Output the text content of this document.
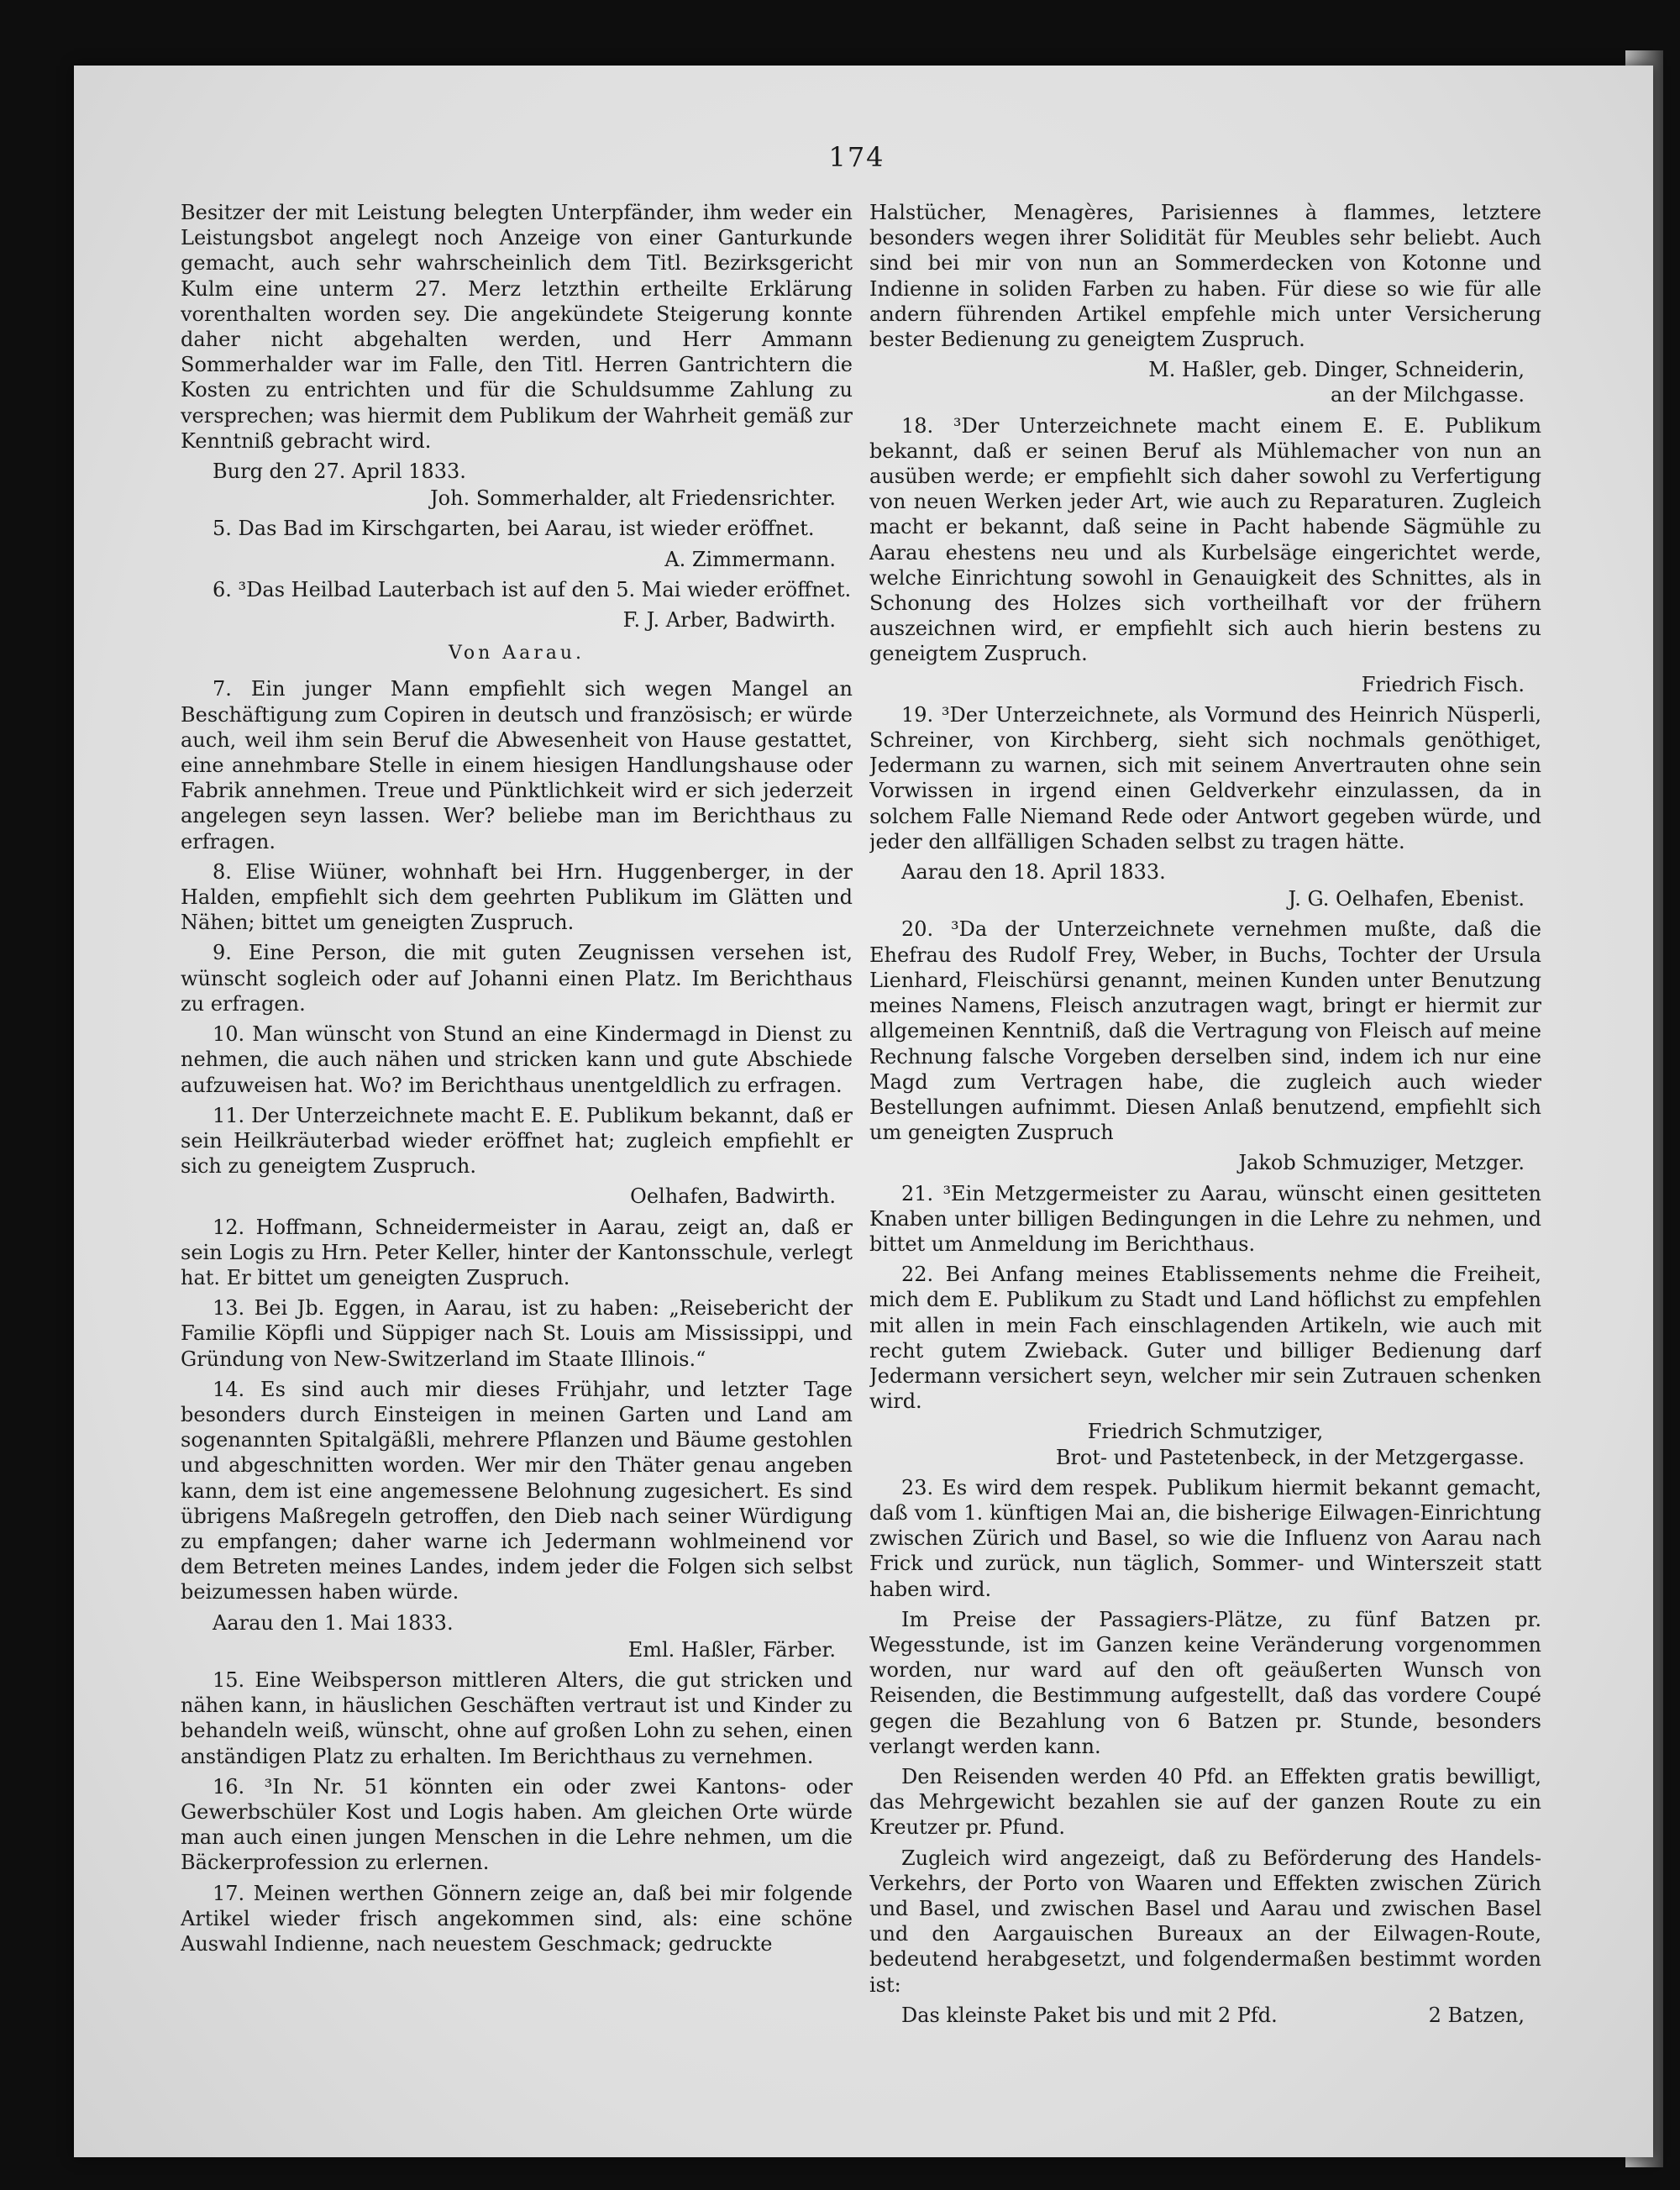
174

Besitzer der mit Leistung belegten Unterpfänder, ihm weder ein Leistungsbot angelegt noch Anzeige von einer Ganturkunde gemacht, auch sehr wahrscheinlich dem Titl. Bezirksgericht Kulm eine unterm 27. Merz letzthin ertheilte Erklärung vorenthalten worden sey. Die angekündete Steigerung konnte daher nicht abgehalten werden, und Herr Ammann Sommerhalder war im Falle, den Titl. Herren Gantrichtern die Kosten zu entrichten und für die Schuldsumme Zahlung zu versprechen; was hiermit dem Publikum der Wahrheit gemäß zur Kenntniß gebracht wird.

Burg den 27. April 1833.

Joh. Sommerhalder, alt Friedensrichter.

5. Das Bad im Kirschgarten, bei Aarau, ist wieder eröffnet.

A. Zimmermann.

6. ³Das Heilbad Lauterbach ist auf den 5. Mai wieder eröffnet.

F. J. Arber, Badwirth.

Von Aarau.

7. Ein junger Mann empfiehlt sich wegen Mangel an Beschäftigung zum Copiren in deutsch und französisch; er würde auch, weil ihm sein Beruf die Abwesenheit von Hause gestattet, eine annehmbare Stelle in einem hiesigen Handlungshause oder Fabrik annehmen. Treue und Pünktlichkeit wird er sich jederzeit angelegen seyn lassen. Wer? beliebe man im Berichthaus zu erfragen.

8. Elise Wiüner, wohnhaft bei Hrn. Huggenberger, in der Halden, empfiehlt sich dem geehrten Publikum im Glätten und Nähen; bittet um geneigten Zuspruch.

9. Eine Person, die mit guten Zeugnissen versehen ist, wünscht sogleich oder auf Johanni einen Platz. Im Berichthaus zu erfragen.

10. Man wünscht von Stund an eine Kindermagd in Dienst zu nehmen, die auch nähen und stricken kann und gute Abschiede aufzuweisen hat. Wo? im Berichthaus unentgeldlich zu erfragen.

11. Der Unterzeichnete macht E. E. Publikum bekannt, daß er sein Heilkräuterbad wieder eröffnet hat; zugleich empfiehlt er sich zu geneigtem Zuspruch.

Oelhafen, Badwirth.

12. Hoffmann, Schneidermeister in Aarau, zeigt an, daß er sein Logis zu Hrn. Peter Keller, hinter der Kantonsschule, verlegt hat. Er bittet um geneigten Zuspruch.

13. Bei Jb. Eggen, in Aarau, ist zu haben: „Reisebericht der Familie Köpfli und Süppiger nach St. Louis am Mississippi, und Gründung von New-Switzerland im Staate Illinois.“

14. Es sind auch mir dieses Frühjahr, und letzter Tage besonders durch Einsteigen in meinen Garten und Land am sogenannten Spitalgäßli, mehrere Pflanzen und Bäume gestohlen und abgeschnitten worden. Wer mir den Thäter genau angeben kann, dem ist eine angemessene Belohnung zugesichert. Es sind übrigens Maßregeln getroffen, den Dieb nach seiner Würdigung zu empfangen; daher warne ich Jedermann wohlmeinend vor dem Betreten meines Landes, indem jeder die Folgen sich selbst beizumessen haben würde.

Aarau den 1. Mai 1833.

Eml. Haßler, Färber.

15. Eine Weibsperson mittleren Alters, die gut stricken und nähen kann, in häuslichen Geschäften vertraut ist und Kinder zu behandeln weiß, wünscht, ohne auf großen Lohn zu sehen, einen anständigen Platz zu erhalten. Im Berichthaus zu vernehmen.

16. ³In Nr. 51 könnten ein oder zwei Kantons- oder Gewerbschüler Kost und Logis haben. Am gleichen Orte würde man auch einen jungen Menschen in die Lehre nehmen, um die Bäckerprofession zu erlernen.

17. Meinen werthen Gönnern zeige an, daß bei mir folgende Artikel wieder frisch angekommen sind, als: eine schöne Auswahl Indienne, nach neuestem Geschmack; gedruckte

Halstücher, Menagères, Parisiennes à flammes, letztere besonders wegen ihrer Solidität für Meubles sehr beliebt. Auch sind bei mir von nun an Sommerdecken von Kotonne und Indienne in soliden Farben zu haben. Für diese so wie für alle andern führenden Artikel empfehle mich unter Versicherung bester Bedienung zu geneigtem Zuspruch.

M. Haßler, geb. Dinger, Schneiderin,

an der Milchgasse.

18. ³Der Unterzeichnete macht einem E. E. Publikum bekannt, daß er seinen Beruf als Mühlemacher von nun an ausüben werde; er empfiehlt sich daher sowohl zu Verfertigung von neuen Werken jeder Art, wie auch zu Reparaturen. Zugleich macht er bekannt, daß seine in Pacht habende Sägmühle zu Aarau ehestens neu und als Kurbelsäge eingerichtet werde, welche Einrichtung sowohl in Genauigkeit des Schnittes, als in Schonung des Holzes sich vortheilhaft vor der frühern auszeichnen wird, er empfiehlt sich auch hierin bestens zu geneigtem Zuspruch.

Friedrich Fisch.

19. ³Der Unterzeichnete, als Vormund des Heinrich Nüsperli, Schreiner, von Kirchberg, sieht sich nochmals genöthiget, Jedermann zu warnen, sich mit seinem Anvertrauten ohne sein Vorwissen in irgend einen Geldverkehr einzulassen, da in solchem Falle Niemand Rede oder Antwort gegeben würde, und jeder den allfälligen Schaden selbst zu tragen hätte.

Aarau den 18. April 1833.

J. G. Oelhafen, Ebenist.

20. ³Da der Unterzeichnete vernehmen mußte, daß die Ehefrau des Rudolf Frey, Weber, in Buchs, Tochter der Ursula Lienhard, Fleischürsi genannt, meinen Kunden unter Benutzung meines Namens, Fleisch anzutragen wagt, bringt er hiermit zur allgemeinen Kenntniß, daß die Vertragung von Fleisch auf meine Rechnung falsche Vorgeben derselben sind, indem ich nur eine Magd zum Vertragen habe, die zugleich auch wieder Bestellungen aufnimmt. Diesen Anlaß benutzend, empfiehlt sich um geneigten Zuspruch

Jakob Schmuziger, Metzger.

21. ³Ein Metzgermeister zu Aarau, wünscht einen gesitteten Knaben unter billigen Bedingungen in die Lehre zu nehmen, und bittet um Anmeldung im Berichthaus.

22. Bei Anfang meines Etablissements nehme die Freiheit, mich dem E. Publikum zu Stadt und Land höflichst zu empfehlen mit allen in mein Fach einschlagenden Artikeln, wie auch mit recht gutem Zwieback. Guter und billiger Bedienung darf Jedermann versichert seyn, welcher mir sein Zutrauen schenken wird.

Friedrich Schmutziger,

Brot- und Pastetenbeck, in der Metzgergasse.

23. Es wird dem respek. Publikum hiermit bekannt gemacht, daß vom 1. künftigen Mai an, die bisherige Eilwagen-Einrichtung zwischen Zürich und Basel, so wie die Influenz von Aarau nach Frick und zurück, nun täglich, Sommer- und Winterszeit statt haben wird.

Im Preise der Passagiers-Plätze, zu fünf Batzen pr. Wegesstunde, ist im Ganzen keine Veränderung vorgenommen worden, nur ward auf den oft geäußerten Wunsch von Reisenden, die Bestimmung aufgestellt, daß das vordere Coupé gegen die Bezahlung von 6 Batzen pr. Stunde, besonders verlangt werden kann.

Den Reisenden werden 40 Pfd. an Effekten gratis bewilligt, das Mehrgewicht bezahlen sie auf der ganzen Route zu ein Kreutzer pr. Pfund.

Zugleich wird angezeigt, daß zu Beförderung des Handels-Verkehrs, der Porto von Waaren und Effekten zwischen Zürich und Basel, und zwischen Basel und Aarau und zwischen Basel und den Aargauischen Bureaux an der Eilwagen-Route, bedeutend herabgesetzt, und folgendermaßen bestimmt worden ist:

Das kleinste Paket bis und mit 2 Pfd.	2 Batzen,
